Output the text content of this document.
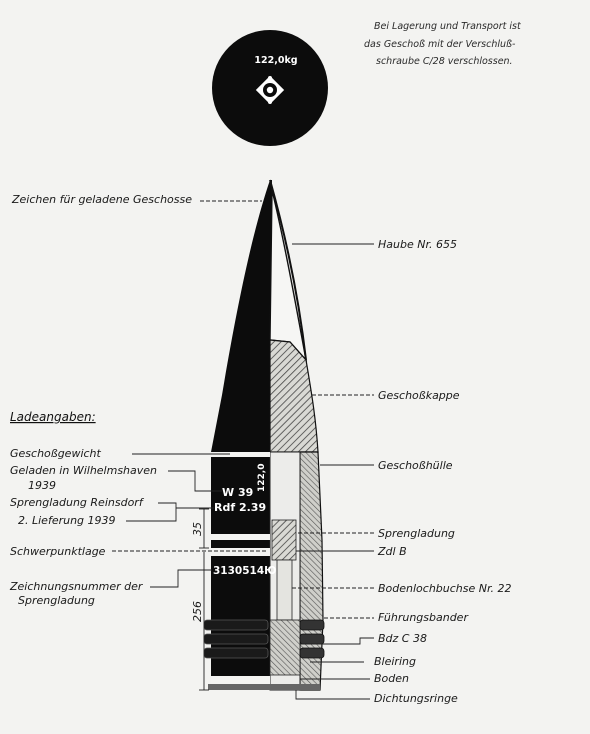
Bei Lagerung und Transport ist
das Geschoß mit der Verschluß-
schraube C/28 verschlossen.
122,0kg
W 39
Rdf 2.39
122,0
3130514Ю
Zeichen für geladene Geschosse
Ladeangaben:
Geschoßgewicht
Geladen in Wilhelmshaven
1939
Sprengladung Reinsdorf
2. Lieferung 1939
Schwerpunktlage
Zeichnungsnummer der
Sprengladung
35
256
Haube Nr. 655
Geschoßkappe
Geschoßhülle
Sprengladung
Zdl B
Bodenlochbuchse Nr. 22
Führungsbander
Bdz C 38
Bleiring
Boden
Dichtungsringe
